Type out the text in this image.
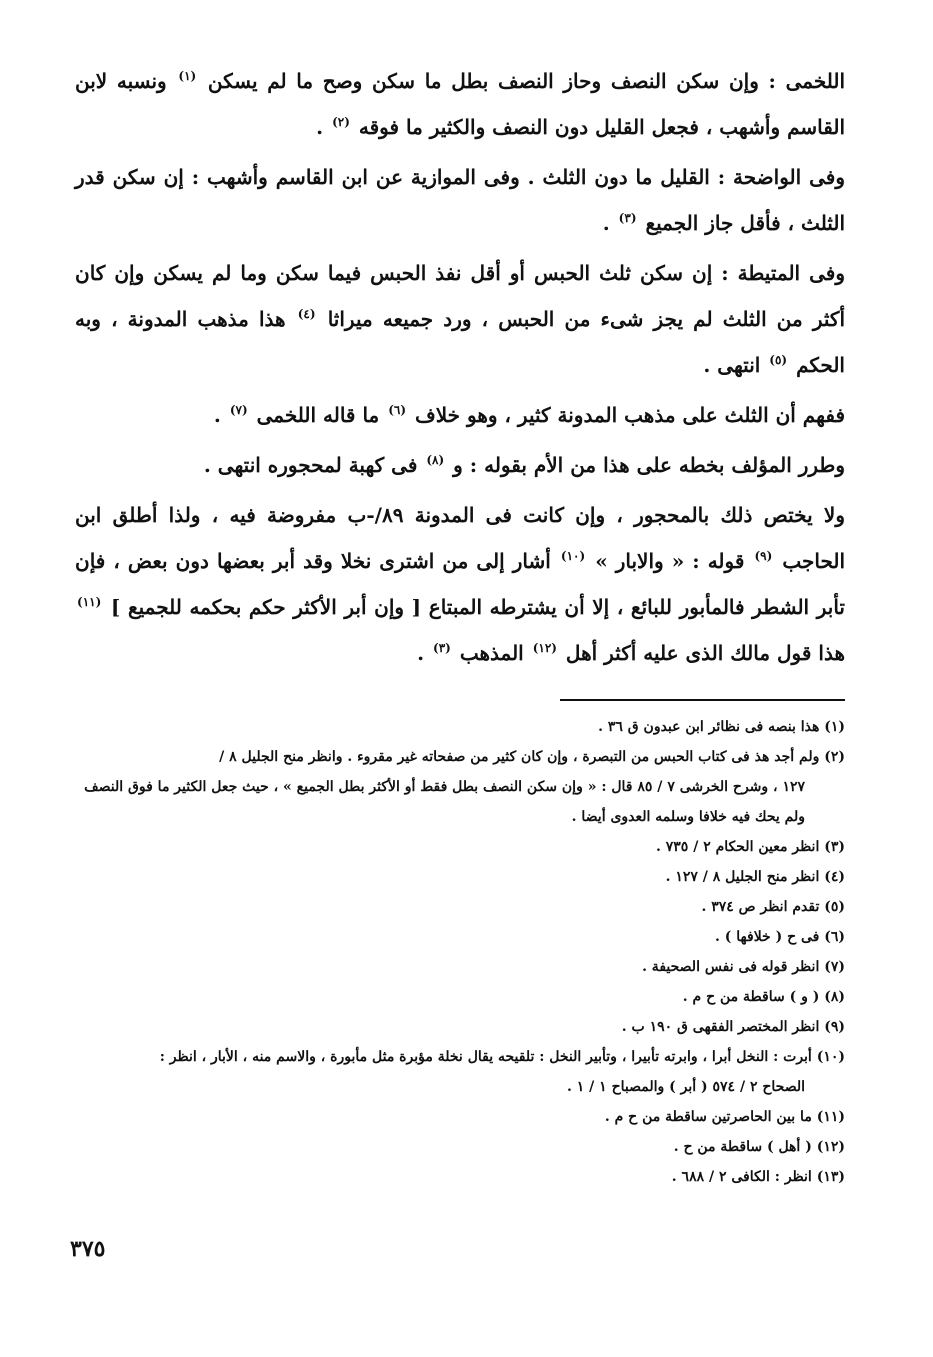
اللخمى : وإن سكن النصف وحاز النصف بطل ما سكن وصح ما لم يسكن $^{(١)}$ ونسبه لابن القاسم وأشهب ، فجعل القليل دون النصف والكثير ما فوقه $^{(٢)}$ .

وفى الواضحة : القليل ما دون الثلث . وفى الموازية عن ابن القاسم وأشهب : إن سكن قدر الثلث ، فأقل جاز الجميع $^{(٣)}$ .

وفى المتيطة : إن سكن ثلث الحبس أو أقل نفذ الحبس فيما سكن وما لم يسكن وإن كان أكثر من الثلث لم يجز شىء من الحبس ، ورد جميعه ميراثا $^{(٤)}$ هذا مذهب المدونة ، وبه الحكم $^{(٥)}$ انتهى .

ففهم أن الثلث على مذهب المدونة كثير ، وهو خلاف $^{(٦)}$ ما قاله اللخمى $^{(٧)}$ .

وطرر المؤلف بخطه على هذا من الأم بقوله : و $^{(٨)}$ فى كهبة لمحجوره انتهى .

ولا يختص ذلك بالمحجور ، وإن كانت فى المدونة ٨٩/-ب مفروضة فيه ، ولذا أطلق ابن الحاجب $^{(٩)}$ قوله : « والابار » $^{(١٠)}$ أشار إلى من اشترى نخلا وقد أبر بعضها دون بعض ، فإن تأبر الشطر فالمأبور للبائع ، إلا أن يشترطه المبتاع [ وإن أبر الأكثر حكم بحكمه للجميع ] $^{(١١)}$ هذا قول مالك الذى عليه أكثر أهل $^{(١٢)}$ المذهب $^{(٣)}$ .

(١) هذا بنصه فى نظائر ابن عبدون ق ٣٦ .

(٢) ولم أجد هذ فى كتاب الحبس من التبصرة ، وإن كان كثير من صفحاته غير مقروء . وانظر منح الجليل ٨ /
١٢٧ ، وشرح الخرشى ٧ / ٨٥ قال : « وإن سكن النصف بطل فقط أو الأكثر بطل الجميع » ، حيث جعل الكثير ما فوق النصف ولم يحك فيه خلافا وسلمه العدوى أيضا .

(٣) انظر معين الحكام ٢ / ٧٣٥ .

(٤) انظر منح الجليل ٨ / ١٢٧ .

(٥) تقدم انظر ص ٣٧٤ .

(٦) فى ح ( خلافها ) .

(٧) انظر قوله فى نفس الصحيفة .

(٨) ( و ) ساقطة من ح م .

(٩) انظر المختصر الفقهى ق ١٩٠ ب .

(١٠) أبرت : النخل أبرا ، وابرته تأبيرا ، وتأبير النخل : تلقيحه يقال نخلة مؤبرة مثل مأبورة ، والاسم منه ، الأبار ، انظر :
الصحاح ٢ / ٥٧٤ ( أبر ) والمصباح ١ / ١ .

(١١) ما بين الحاصرتين ساقطة من ح م .

(١٢) ( أهل ) ساقطة من ح .

(١٣) انظر : الكافى ٢ / ٦٨٨ .

٣٧٥
